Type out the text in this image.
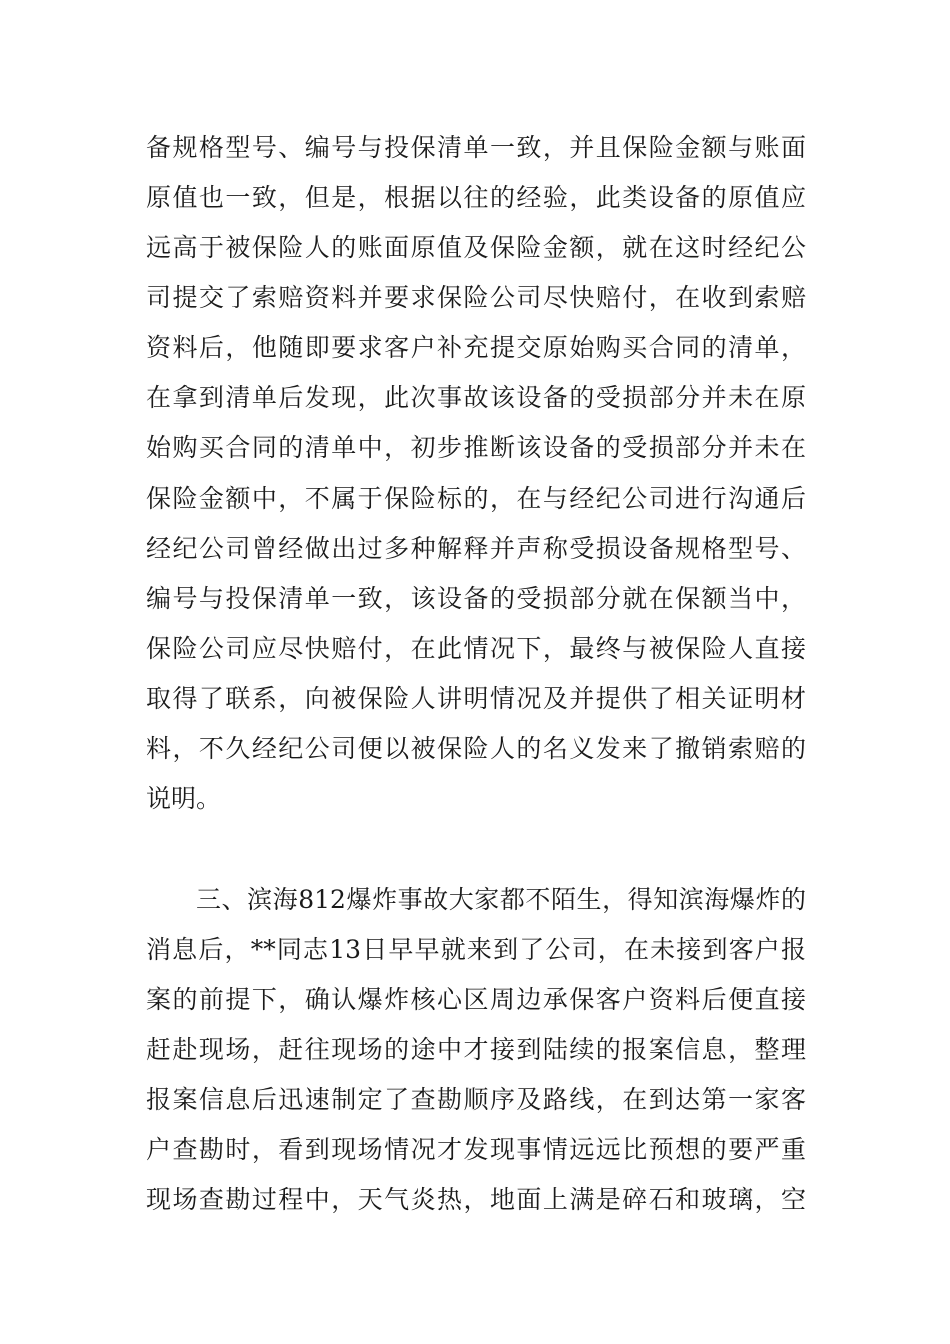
备规格型号、编号与投保清单一致，并且保险金额与账面
原值也一致，但是，根据以往的经验，此类设备的原值应
远高于被保险人的账面原值及保险金额，就在这时经纪公
司提交了索赔资料并要求保险公司尽快赔付，在收到索赔
资料后，他随即要求客户补充提交原始购买合同的清单，
在拿到清单后发现，此次事故该设备的受损部分并未在原
始购买合同的清单中，初步推断该设备的受损部分并未在
保险金额中，不属于保险标的，在与经纪公司进行沟通后
经纪公司曾经做出过多种解释并声称受损设备规格型号、
编号与投保清单一致，该设备的受损部分就在保额当中，
保险公司应尽快赔付，在此情况下，最终与被保险人直接
取得了联系，向被保险人讲明情况及并提供了相关证明材
料，不久经纪公司便以被保险人的名义发来了撤销索赔的
说明。
三、滨海812爆炸事故大家都不陌生，得知滨海爆炸的
消息后，**同志13日早早就来到了公司，在未接到客户报
案的前提下，确认爆炸核心区周边承保客户资料后便直接
赶赴现场，赶往现场的途中才接到陆续的报案信息，整理
报案信息后迅速制定了查勘顺序及路线，在到达第一家客
户查勘时，看到现场情况才发现事情远远比预想的要严重
现场查勘过程中，天气炎热，地面上满是碎石和玻璃，空
